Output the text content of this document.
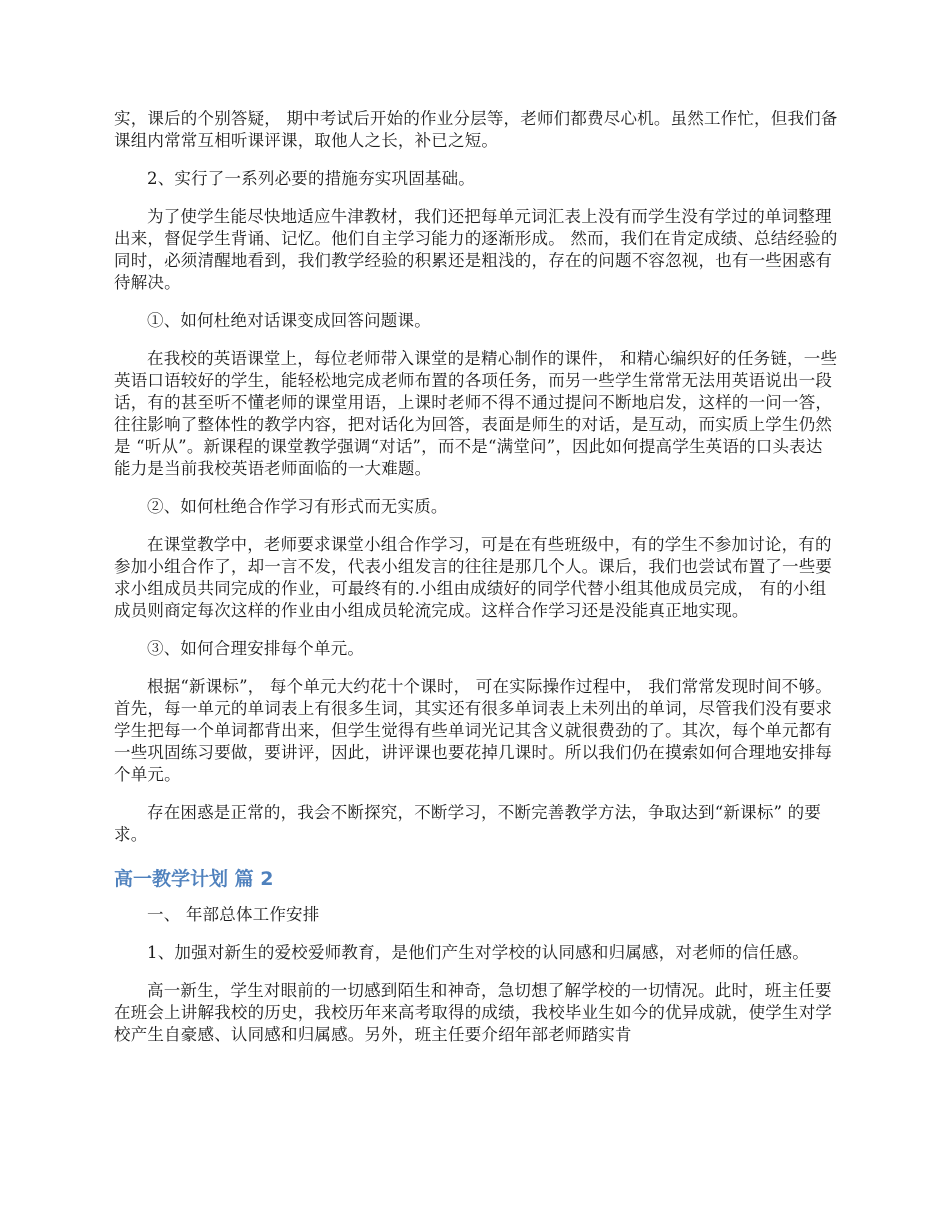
实，课后的个别答疑， 期中考试后开始的作业分层等，老师们都费尽心机。虽然工作忙，但我们备课组内常常互相听课评课，取他人之长，补已之短。

2、实行了一系列必要的措施夯实巩固基础。

为了使学生能尽快地适应牛津教材，我们还把每单元词汇表上没有而学生没有学过的单词整理出来，督促学生背诵、记忆。他们自主学习能力的逐渐形成。 然而，我们在肯定成绩、总结经验的同时，必须清醒地看到，我们教学经验的积累还是粗浅的，存在的问题不容忽视，也有一些困惑有待解决。

①、如何杜绝对话课变成回答问题课。

在我校的英语课堂上，每位老师带入课堂的是精心制作的课件， 和精心编织好的任务链，一些英语口语较好的学生，能轻松地完成老师布置的各项任务，而另一些学生常常无法用英语说出一段话，有的甚至听不懂老师的课堂用语，上课时老师不得不通过提问不断地启发，这样的一问一答，往往影响了整体性的教学内容，把对话化为回答，表面是师生的对话，是互动，而实质上学生仍然是 “听从”。新课程的课堂教学强调“对话”，而不是“满堂问”，因此如何提高学生英语的口头表达能力是当前我校英语老师面临的一大难题。

②、如何杜绝合作学习有形式而无实质。

在课堂教学中，老师要求课堂小组合作学习，可是在有些班级中，有的学生不参加讨论，有的参加小组合作了，却一言不发，代表小组发言的往往是那几个人。课后，我们也尝试布置了一些要求小组成员共同完成的作业，可最终有的.小组由成绩好的同学代替小组其他成员完成， 有的小组成员则商定每次这样的作业由小组成员轮流完成。这样合作学习还是没能真正地实现。

③、如何合理安排每个单元。

根据“新课标”， 每个单元大约花十个课时， 可在实际操作过程中， 我们常常发现时间不够。首先，每一单元的单词表上有很多生词，其实还有很多单词表上未列出的单词，尽管我们没有要求学生把每一个单词都背出来，但学生觉得有些单词光记其含义就很费劲的了。其次，每个单元都有一些巩固练习要做，要讲评，因此，讲评课也要花掉几课时。所以我们仍在摸索如何合理地安排每个单元。

存在困惑是正常的，我会不断探究，不断学习，不断完善教学方法，争取达到“新课标” 的要求。

高一教学计划 篇 2

一、 年部总体工作安排

1、加强对新生的爱校爱师教育，是他们产生对学校的认同感和归属感，对老师的信任感。

高一新生，学生对眼前的一切感到陌生和神奇，急切想了解学校的一切情况。此时，班主任要在班会上讲解我校的历史，我校历年来高考取得的成绩，我校毕业生如今的优异成就，使学生对学校产生自豪感、认同感和归属感。另外，班主任要介绍年部老师踏实肯
